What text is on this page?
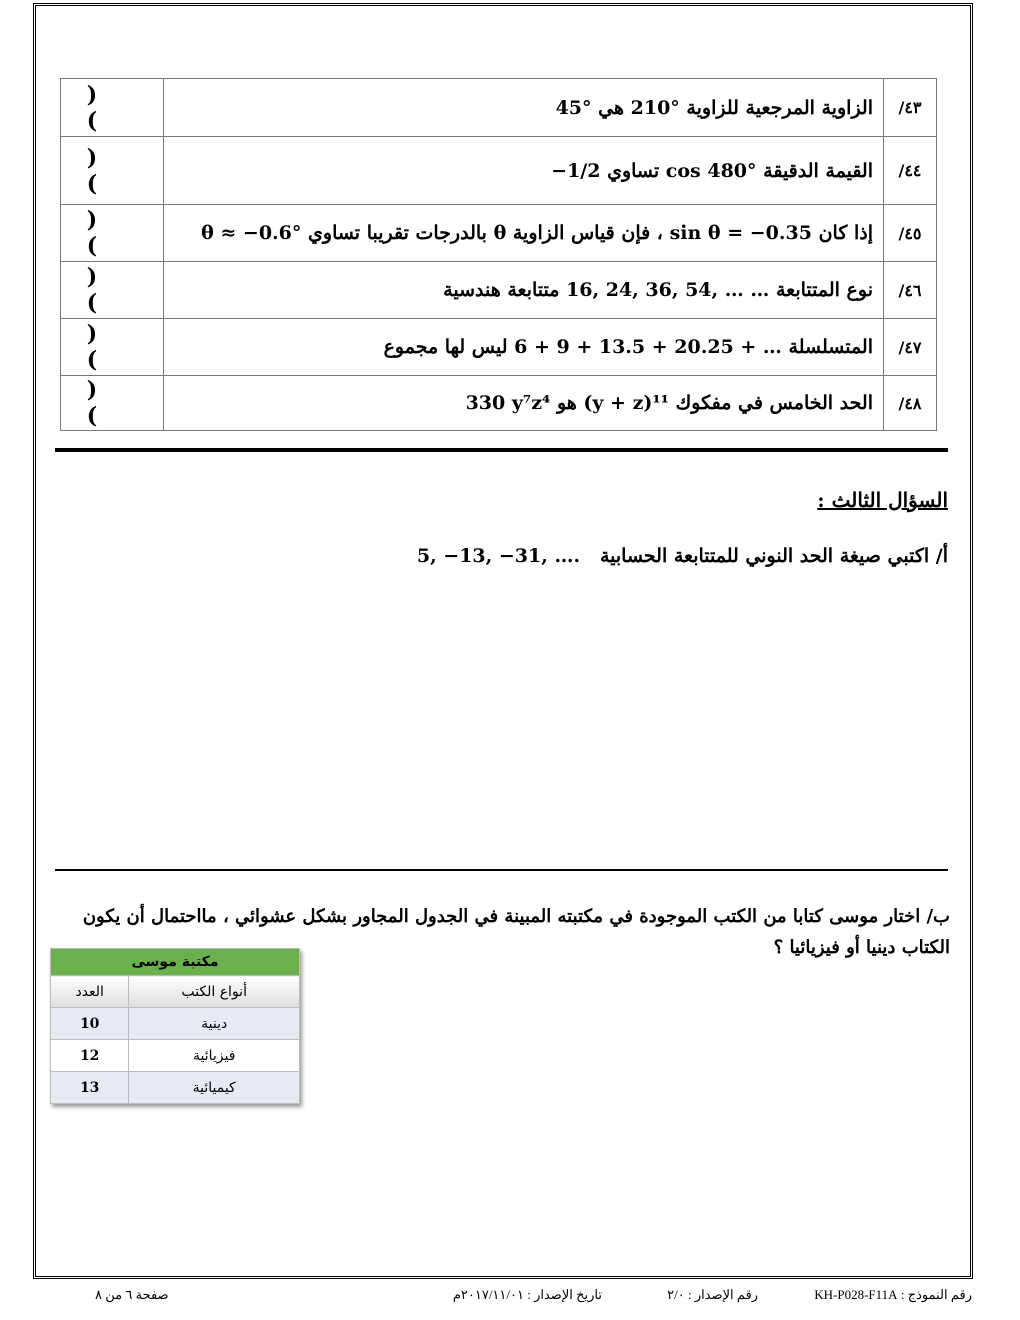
٤٣/	الزاوية المرجعية للزاوية 210° هي 45°	( )
٤٤/	القيمة الدقيقة cos 480° تساوي −1/2	( )
٤٥/	إذا كان sin θ = −0.35 ، فإن قياس الزاوية θ بالدرجات تقريبا تساوي θ ≈ −0.6°	( )
٤٦/	نوع المتتابعة 16, 24, 36, 54, … … متتابعة هندسية	( )
٤٧/	المتسلسلة 6 + 9 + 13.5 + 20.25 + … ليس لها مجموع	( )
٤٨/	الحد الخامس في مفكوك (y + z)¹¹ هو 330 y⁷z⁴	( )
السؤال الثالث :
أ/ اكتبي صيغة الحد النوني للمتتابعة الحسابية   5, −13, −31, ….
ب/ اختار موسى كتابا من الكتب الموجودة في مكتبته المبينة في الجدول المجاور بشكل عشوائي ، مااحتمال أن يكون
الكتاب دينيا أو فيزيائيا ؟
مكتبة موسى	
أنواع الكتب	العدد
دينية	10
فيزيائية	12
كيميائية	13
رقم النموذج : KH-P028-F11A
رقم الإصدار : ٢/٠
تاريخ الإصدار : ٢٠١٧/١١/٠١م
صفحة ٦ من ٨
